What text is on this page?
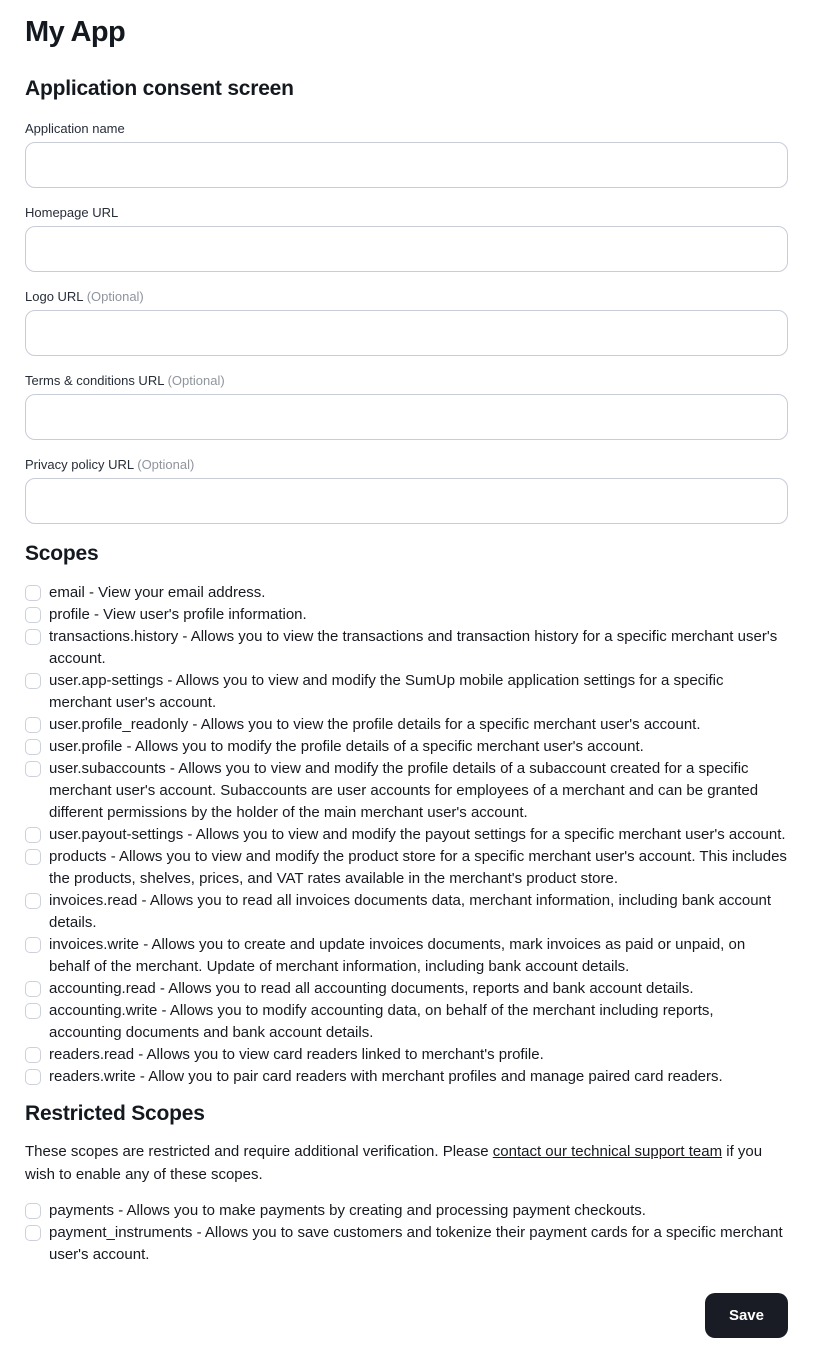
My App
Application consent screen
Application name
Homepage URL
Logo URL (Optional)
Terms & conditions URL (Optional)
Privacy policy URL (Optional)
Scopes
email - View your email address.
profile - View user's profile information.
transactions.history - Allows you to view the transactions and transaction history for a specific merchant user's account.
user.app-settings - Allows you to view and modify the SumUp mobile application settings for a specific merchant user's account.
user.profile_readonly - Allows you to view the profile details for a specific merchant user's account.
user.profile - Allows you to modify the profile details of a specific merchant user's account.
user.subaccounts - Allows you to view and modify the profile details of a subaccount created for a specific merchant user's account. Subaccounts are user accounts for employees of a merchant and can be granted different permissions by the holder of the main merchant user's account.
user.payout-settings - Allows you to view and modify the payout settings for a specific merchant user's account.
products - Allows you to view and modify the product store for a specific merchant user's account. This includes the products, shelves, prices, and VAT rates available in the merchant's product store.
invoices.read - Allows you to read all invoices documents data, merchant information, including bank account details.
invoices.write - Allows you to create and update invoices documents, mark invoices as paid or unpaid, on behalf of the merchant. Update of merchant information, including bank account details.
accounting.read - Allows you to read all accounting documents, reports and bank account details.
accounting.write - Allows you to modify accounting data, on behalf of the merchant including reports, accounting documents and bank account details.
readers.read - Allows you to view card readers linked to merchant's profile.
readers.write - Allow you to pair card readers with merchant profiles and manage paired card readers.
Restricted Scopes

These scopes are restricted and require additional verification. Please contact our technical support team if you wish to enable any of these scopes.

payments - Allows you to make payments by creating and processing payment checkouts.
payment_instruments - Allows you to save customers and tokenize their payment cards for a specific merchant user's account.
Save
